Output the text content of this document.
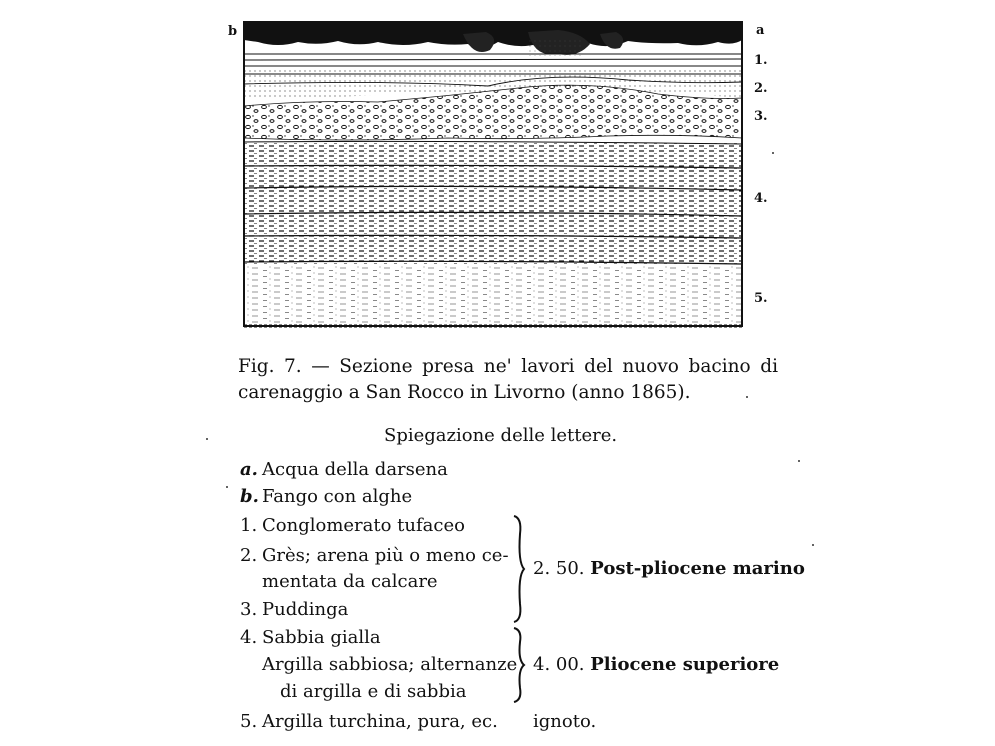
b	a
1.
2.
3.
4.
5.
Fig. 7. — Sezione presa ne' lavori del nuovo bacino di
carenaggio a San Rocco in Livorno (anno 1865).
Spiegazione delle lettere.
a. Acqua della darsena
b. Fango con alghe
1. Conglomerato tufaceo
2. Grès; arena più o meno ce-
mentata da calcare
3. Puddinga
4. Sabbia gialla
Argilla sabbiosa; alternanze
di argilla e di sabbia
5. Argilla turchina, pura, ec.
2. 50. Post-pliocene marino
4. 00. Pliocene superiore
ignoto.
